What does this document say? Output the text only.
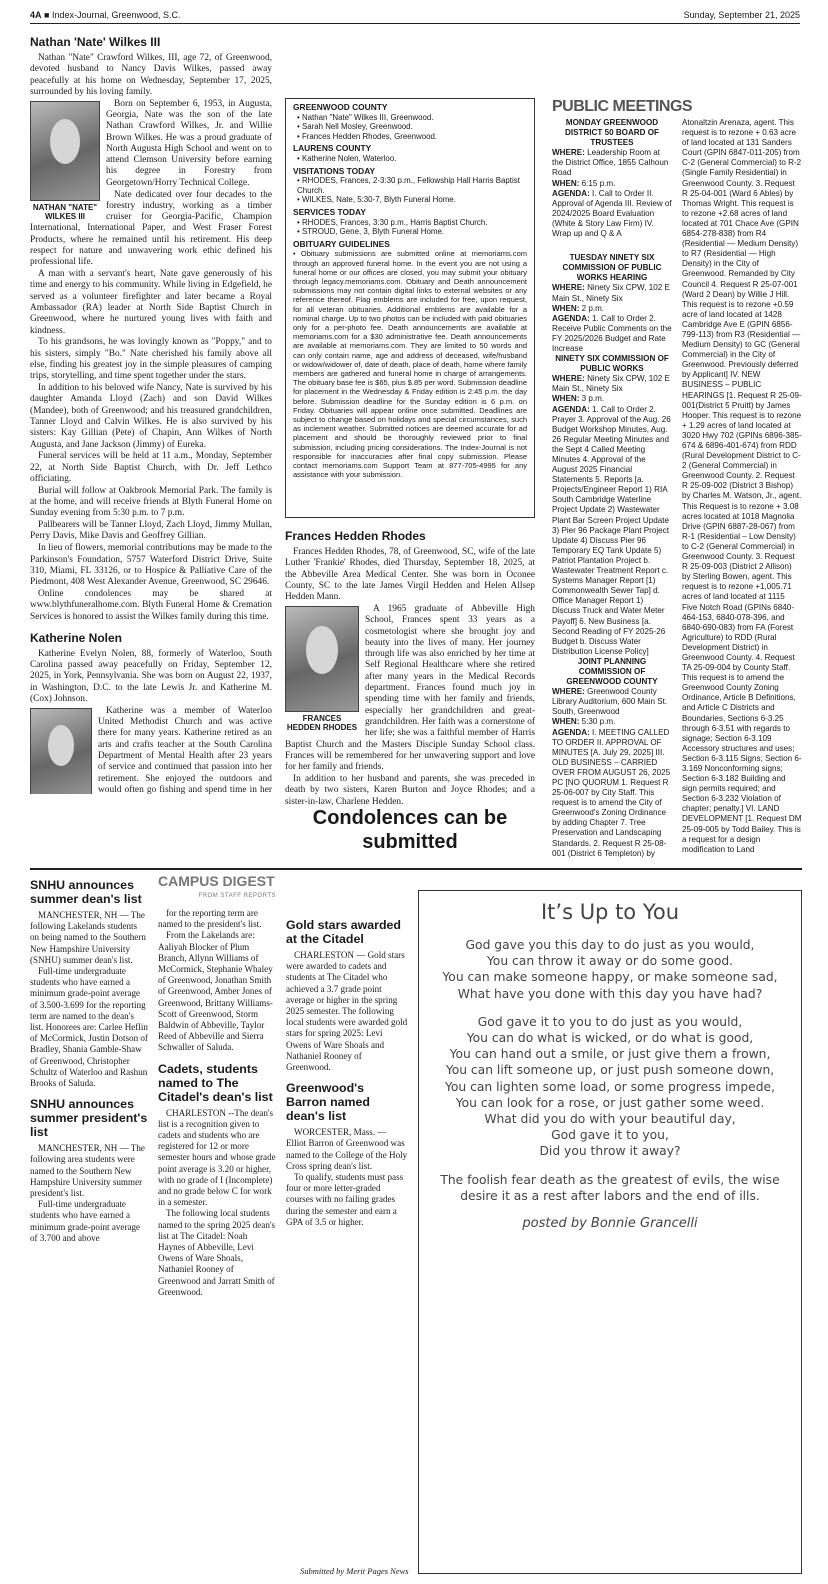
4A ■ Index-Journal, Greenwood, S.C.	Sunday, September 21, 2025
Nathan 'Nate' Wilkes III

Nathan "Nate" Crawford Wilkes, III, age 72, of Greenwood, devoted husband to Nancy Davis Wilkes, passed away peacefully at his home on Wednesday, September 17, 2025, surrounded by his loving family.

NATHAN "NATE" WILKES III

Born on September 6, 1953, in Augusta, Georgia, Nate was the son of the late Nathan Crawford Wilkes, Jr. and Willie Brown Wilkes. He was a proud graduate of North Augusta High School and went on to attend Clemson University before earning his degree in Forestry from Georgetown/Horry Technical College.

Nate dedicated over four decades to the forestry industry, working as a timber cruiser for Georgia-Pacific, Champion International, International Paper, and West Fraser Forest Products, where he remained until his retirement. His deep respect for nature and unwavering work ethic defined his professional life.

A man with a servant's heart, Nate gave generously of his time and energy to his community. While living in Edgefield, he served as a volunteer firefighter and later became a Royal Ambassador (RA) leader at North Side Baptist Church in Greenwood, where he nurtured young lives with faith and kindness.

To his grandsons, he was lovingly known as "Poppy," and to his sisters, simply "Bo." Nate cherished his family above all else, finding his greatest joy in the simple pleasures of camping trips, storytelling, and time spent together under the stars.

In addition to his beloved wife Nancy, Nate is survived by his daughter Amanda Lloyd (Zach) and son David Wilkes (Mandee), both of Greenwood; and his treasured grandchildren, Tanner Lloyd and Calvin Wilkes. He is also survived by his sisters: Kay Gillian (Pete) of Chapin, Ann Wilkes of North Augusta, and Jane Jackson (Jimmy) of Eureka.

Funeral services will be held at 11 a.m., Monday, September 22, at North Side Baptist Church, with Dr. Jeff Lethco officiating.

Burial will follow at Oakbrook Memorial Park. The family is at the home, and will receive friends at Blyth Funeral Home on Sunday evening from 5:30 p.m. to 7 p.m.

Pallbearers will be Tanner Lloyd, Zach Lloyd, Jimmy Mullan, Perry Davis, Mike Davis and Geoffrey Gillian.

In lieu of flowers, memorial contributions may be made to the Parkinson's Foundation, 5757 Waterford District Drive, Suite 310, Miami, FL 33126, or to Hospice & Palliative Care of the Piedmont, 408 West Alexander Avenue, Greenwood, SC 29646.

Online condolences may be shared at www.blythfuneralhome.com. Blyth Funeral Home & Cremation Services is honored to assist the Wilkes family during this time.

Katherine Nolen

Katherine Evelyn Nolen, 88, formerly of Waterloo, South Carolina passed away peacefully on Friday, September 12, 2025, in York, Pennsylvania. She was born on August 22, 1937, in Washington, D.C. to the late Lewis Jr. and Katherine M. (Cox) Johnson.

Katherine was a member of Waterloo United Methodist Church and was active there for many years. Katherine retired as an arts and crafts teacher at the South Carolina Department of Mental Health after 23 years of service and continued that passion into her retirement. She enjoyed the outdoors and would often go fishing and spend time in her

GREENWOOD COUNTY
• Nathan "Nate" Wilkes III, Greenwood.
• Sarah Nell Mosley, Greenwood.
• Frances Hedden Rhodes, Greenwood.
LAURENS COUNTY
• Katherine Nolen, Waterloo.
VISITATIONS TODAY
• RHODES, Frances, 2-3:30 p.m., Fellowship Hall Harris Baptist Church.
• WILKES, Nate, 5:30-7, Blyth Funeral Home.
SERVICES TODAY
• RHODES, Frances, 3:30 p.m., Harris Baptist Church.
• STROUD, Gene, 3, Blyth Funeral Home.
OBITUARY GUIDELINES
• Obituary submissions are submitted online at memoriams.com through an approved funeral home. In the event you are not using a funeral home or our offices are closed, you may submit your obituary through legacy.memoriams.com. Obituary and Death announcement submissions may not contain digital links to external websites or any reference thereof. Flag emblems are included for free, upon request, for all veteran obituaries. Additional emblems are available for a nominal charge. Up to two photos can be included with paid obituaries only for a per-photo fee. Death announcements are available at memoriams.com for a $30 administrative fee. Death announcements are available at memoriams.com. They are limited to 50 words and can only contain name, age and address of deceased, wife/husband or widow/widower of, date of death, place of death, home where family members are gathered and funeral home in charge of arrangements. The obituary base fee is $65, plus $.85 per word. Submission deadline for placement in the Wednesday & Friday edition is 2:45 p.m. the day before. Submission deadline for the Sunday edition is 6 p.m. on Friday. Obituaries will appear online once submitted. Deadlines are subject to change based on holidays and special circumstances, such as inclement weather. Submitted notices are deemed accurate for ad placement and should be thoroughly reviewed prior to final submission, including pricing considerations. The Index-Journal is not responsible for inaccuracies after final copy submission. Please contact memoriams.com Support Team at 877-705-4995 for any assistance with your submission.
Frances Hedden Rhodes

Frances Hedden Rhodes, 78, of Greenwood, SC, wife of the late Luther 'Frankie' Rhodes, died Thursday, September 18, 2025, at the Abbeville Area Medical Center. She was born in Oconee County, SC to the late James Virgil Hedden and Helen Allsep Hedden Mann.

FRANCES HEDDEN RHODES

A 1965 graduate of Abbeville High School, Frances spent 33 years as a cosmetologist where she brought joy and beauty into the lives of many. Her journey through life was also enriched by her time at Self Regional Healthcare where she retired after many years in the Medical Records department. Frances found much joy in spending time with her family and friends, especially her grandchildren and great-grandchildren. Her faith was a cornerstone of her life; she was a faithful member of Harris Baptist Church and the Masters Disciple Sunday School class. Frances will be remembered for her unwavering support and love for her family and friends.

In addition to her husband and parents, she was preceded in death by two sisters, Karen Burton and Joyce Rhodes; and a sister-in-law, Charlene Hedden.

Condolences can be submitted
PUBLIC MEETINGS
MONDAY GREENWOOD DISTRICT 50 BOARD OF TRUSTEES

WHERE: Leadership Room at the District Office, 1855 Calhoun Road

WHEN: 6:15 p.m.

AGENDA: I. Call to Order II. Approval of Agenda III. Review of 2024/2025 Board Evaluation (White & Story Law Firm) IV. Wrap up and Q & A

TUESDAY NINETY SIX COMMISSION OF PUBLIC WORKS HEARING

WHERE: Ninety Six CPW, 102 E Main St., Ninety Six

WHEN: 2 p.m.

AGENDA: 1. Call to Order 2. Receive Public Comments on the FY 2025/2026 Budget and Rate Increase

NINETY SIX COMMISSION OF PUBLIC WORKS

WHERE: Ninety Six CPW, 102 E Main St., Ninety Six

WHEN: 3 p.m.

AGENDA: 1. Call to Order 2. Prayer 3. Approval of the Aug. 26 Budget Workshop Minutes, Aug. 26 Regular Meeting Minutes and the Sept 4 Called Meeting Minutes 4. Approval of the August 2025 Financial Statements 5. Reports [a. Projects/Engineer Report 1) RIA South Cambridge Waterline Project Update 2) Wastewater Plant Bar Screen Project Update 3) Pier 96 Package Plant Project Update 4) Discuss Pier 96 Temporary EQ Tank Update 5) Patriot Plantation Project b. Wastewater Treatment Report c. Systems Manager Report [1) Commonwealth Sewer Tap] d. Office Manager Report 1) Discuss Truck and Water Meter Payoff] 6. New Business [a. Second Reading of FY 2025-26 Budget b. Discuss Water Distribution License Policy]

JOINT PLANNING COMMISSION OF GREENWOOD COUNTY

WHERE: Greenwood County Library Auditorium, 600 Main St. South, Greenwood

WHEN: 5:30 p.m.

AGENDA: I. MEETING CALLED TO ORDER II. APPROVAL OF MINUTES [A. July 29, 2025] III. OLD BUSINESS – CARRIED OVER FROM AUGUST 26, 2025 PC [NO QUORUM 1. Request R 25-06-007 by City Staff. This request is to amend the City of Greenwood's Zoning Ordinance by adding Chapter 7. Tree Preservation and Landscaping Standards. 2. Request R 25-08-001 (District 6 Templeton) by Atonaltzin Arenaza, agent. This request is to rezone + 0.63 acre of land located at 131 Sanders Court (GPIN 6847-011-205) from C-2 (General Commercial) to R-2 (Single Family Residential) in Greenwood County. 3. Request R 25-04-001 (Ward 6 Ables) by Thomas Wright. This request is to rezone +2.68 acres of land located at 701 Chace Ave (GPIN 6854-278-838) from R4 (Residential — Medium Density) to R7 (Residential — High Density) in the City of Greenwood. Remanded by City Council 4. Request R 25-07-001 (Ward 2 Dean) by Willie J Hill. This request is to rezone +0.59 acre of land located at 1428 Cambridge Ave E (GPIN 6856-799-113) from R3 (Residential — Medium Density) to GC (General Commercial) in the City of Greenwood. Previously deferred by Applicant] IV. NEW BUSINESS – PUBLIC HEARINGS [1. Request R 25-09-001(District 5 Pruitt) by James Hooper. This request is to rezone + 1.29 acres of land located at 3020 Hwy 702 (GPINs 6896-385-674 & 6896-401-674) from RDD (Rural Development District to C-2 (General Commercial) in Greenwood County. 2. Request R 25-09-002 (District 3 Bishop) by Charles M. Watson, Jr., agent. This Request is to rezone + 3.08 acres located at 1018 Magnolia Drive (GPIN 6887-28-067) from R-1 (Residential – Low Density) to C-2 (General Commercial) in Greenwood County. 3. Request R 25-09-003 (District 2 Allison) by Sterling Bowen, agent. This request is to rezone +1,005.71 acres of land located at 1115 Five Notch Road (GPINs 6840-464-153, 6840-078-396, and 6840-690-083) from FA (Forest Agriculture) to RDD (Rural Development District) in Greenwood County. 4. Request TA 25-09-004 by County Staff. This request is to amend the Greenwood County Zoning Ordinance, Article B Definitions, and Article C Districts and Boundaries, Sections 6-3.25 through 6-3.51 with regards to signage; Section 6-3.109 Accessory structures and uses; Section 6-3.115 Signs; Section 6-3.169 Nonconforming signs; Section 6-3.182 Building and sign permits required; and Section 6-3.232 Violation of chapter; penalty.] VI. LAND DEVELOPMENT [1. Request DM 25-09-005 by Todd Bailey. This is a request for a design modification to Land

SNHU announces summer dean's list

MANCHESTER, NH — The following Lakelands students on being named to the Southern New Hampshire University (SNHU) summer dean's list.

Full-time undergraduate students who have earned a minimum grade-point average of 3.500-3.699 for the reporting term are named to the dean's list. Honorees are: Carlee Heflin of McCormick, Justin Dotson of Bradley, Shania Gamble-Shaw of Greenwood, Christopher Schultz of Waterloo and Rashun Brooks of Saluda.

SNHU announces summer president's list

MANCHESTER, NH — The following area students were named to the Southern New Hampshire University summer president's list.

Full-time undergraduate students who have earned a minimum grade-point average of 3.700 and above

CAMPUS DIGEST
FROM STAFF REPORTS

for the reporting term are named to the president's list.

From the Lakelands are: Aaliyah Blocker of Plum Branch, Allynn Williams of McCormick, Stephanie Whaley of Greenwood, Jonathan Smith of Greenwood, Amber Jones of Greenwood, Brittany Williams-Scott of Greenwood, Storm Baldwin of Abbeville, Taylor Reed of Abbeville and Sierra Schwaller of Saluda.

Cadets, students named to The Citadel's dean's list

CHARLESTON --The dean's list is a recognition given to cadets and students who are registered for 12 or more semester hours and whose grade point average is 3.20 or higher, with no grade of I (Incomplete) and no grade below C for work in a semester.

The following local students named to the spring 2025 dean's list at The Citadel: Noah Haynes of Abbeville, Levi Owens of Ware Shoals, Nathaniel Rooney of Greenwood and Jarratt Smith of Greenwood.

Gold stars awarded at the Citadel

CHARLESTON — Gold stars were awarded to cadets and students at The Citadel who achieved a 3.7 grade point average or higher in the spring 2025 semester. The following local students were awarded gold stars for spring 2025: Levi Owens of Ware Shoals and Nathaniel Rooney of Greenwood.

Greenwood's Barron named dean's list

WORCESTER, Mass. — Elliot Barron of Greenwood was named to the College of the Holy Cross spring dean's list.

To qualify, students must pass four or more letter-graded courses with no failing grades during the semester and earn a GPA of 3.5 or higher.

Submitted by Merit Pages News
It’s Up to You
God gave you this day to do just as you would,
You can throw it away or do some good.
You can make someone happy, or make someone sad,
What have you done with this day you have had?
God gave it to you to do just as you would,
You can do what is wicked, or do what is good,
You can hand out a smile, or just give them a frown,
You can lift someone up, or just push someone down,
You can lighten some load, or some progress impede,
You can look for a rose, or just gather some weed.
What did you do with your beautiful day,
God gave it to you,
Did you throw it away?
The foolish fear death as the greatest of evils, the wise
desire it as a rest after labors and the end of ills.
posted by Bonnie Grancelli
